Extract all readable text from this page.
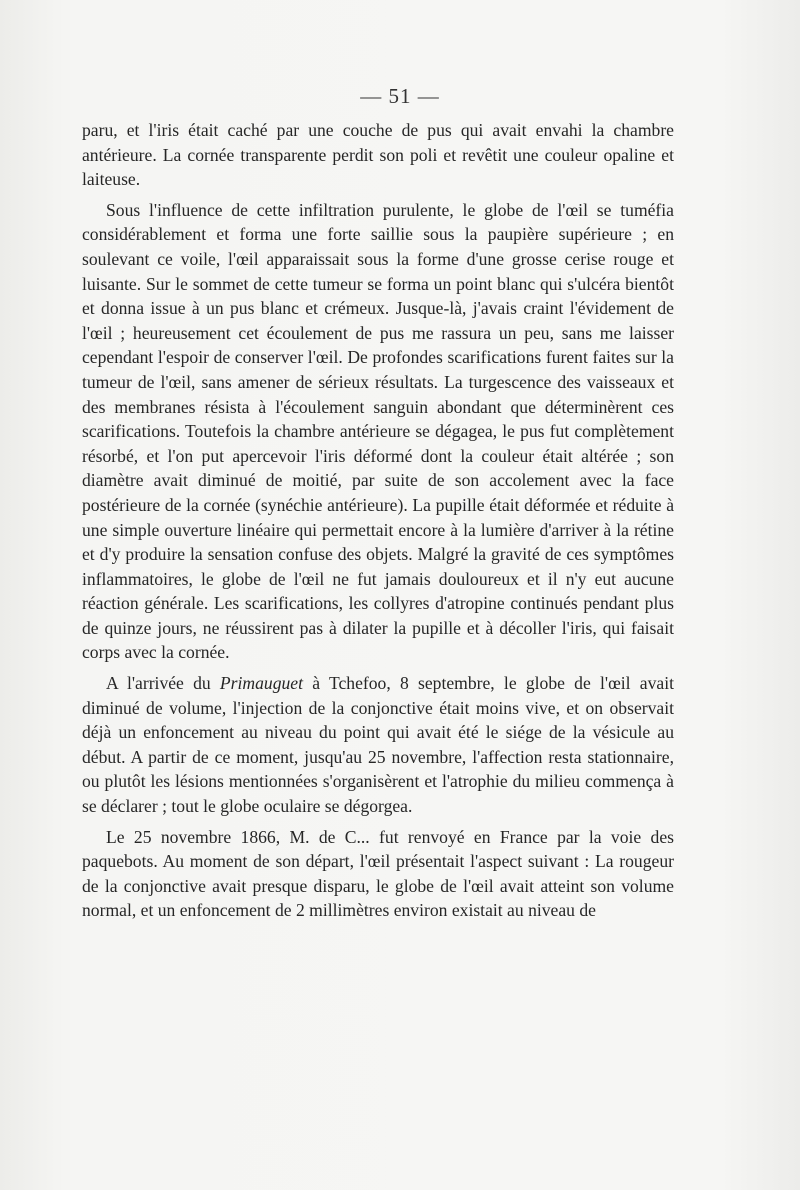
— 51 —

paru, et l'iris était caché par une couche de pus qui avait envahi la chambre antérieure. La cornée transparente perdit son poli et revêtit une couleur opaline et laiteuse.

Sous l'influence de cette infiltration purulente, le globe de l'œil se tuméfia considérablement et forma une forte saillie sous la paupière supérieure ; en soulevant ce voile, l'œil apparaissait sous la forme d'une grosse cerise rouge et luisante. Sur le sommet de cette tumeur se forma un point blanc qui s'ulcéra bientôt et donna issue à un pus blanc et crémeux. Jusque-là, j'avais craint l'évidement de l'œil ; heureusement cet écoulement de pus me rassura un peu, sans me laisser cependant l'espoir de conserver l'œil. De profondes scarifications furent faites sur la tumeur de l'œil, sans amener de sérieux résultats. La turgescence des vaisseaux et des membranes résista à l'écoulement sanguin abondant que déterminèrent ces scarifications. Toutefois la chambre antérieure se dégagea, le pus fut complètement résorbé, et l'on put apercevoir l'iris déformé dont la couleur était altérée ; son diamètre avait diminué de moitié, par suite de son accolement avec la face postérieure de la cornée (synéchie antérieure). La pupille était déformée et réduite à une simple ouverture linéaire qui permettait encore à la lumière d'arriver à la rétine et d'y produire la sensation confuse des objets. Malgré la gravité de ces symptômes inflammatoires, le globe de l'œil ne fut jamais douloureux et il n'y eut aucune réaction générale. Les scarifications, les collyres d'atropine continués pendant plus de quinze jours, ne réussirent pas à dilater la pupille et à décoller l'iris, qui faisait corps avec la cornée.

A l'arrivée du Primauguet à Tchefoo, 8 septembre, le globe de l'œil avait diminué de volume, l'injection de la conjonctive était moins vive, et on observait déjà un enfoncement au niveau du point qui avait été le siége de la vésicule au début. A partir de ce moment, jusqu'au 25 novembre, l'affection resta stationnaire, ou plutôt les lésions mentionnées s'organisèrent et l'atrophie du milieu commença à se déclarer ; tout le globe oculaire se dégorgea.

Le 25 novembre 1866, M. de C... fut renvoyé en France par la voie des paquebots. Au moment de son départ, l'œil présentait l'aspect suivant : La rougeur de la conjonctive avait presque disparu, le globe de l'œil avait atteint son volume normal, et un enfoncement de 2 millimètres environ existait au niveau de
